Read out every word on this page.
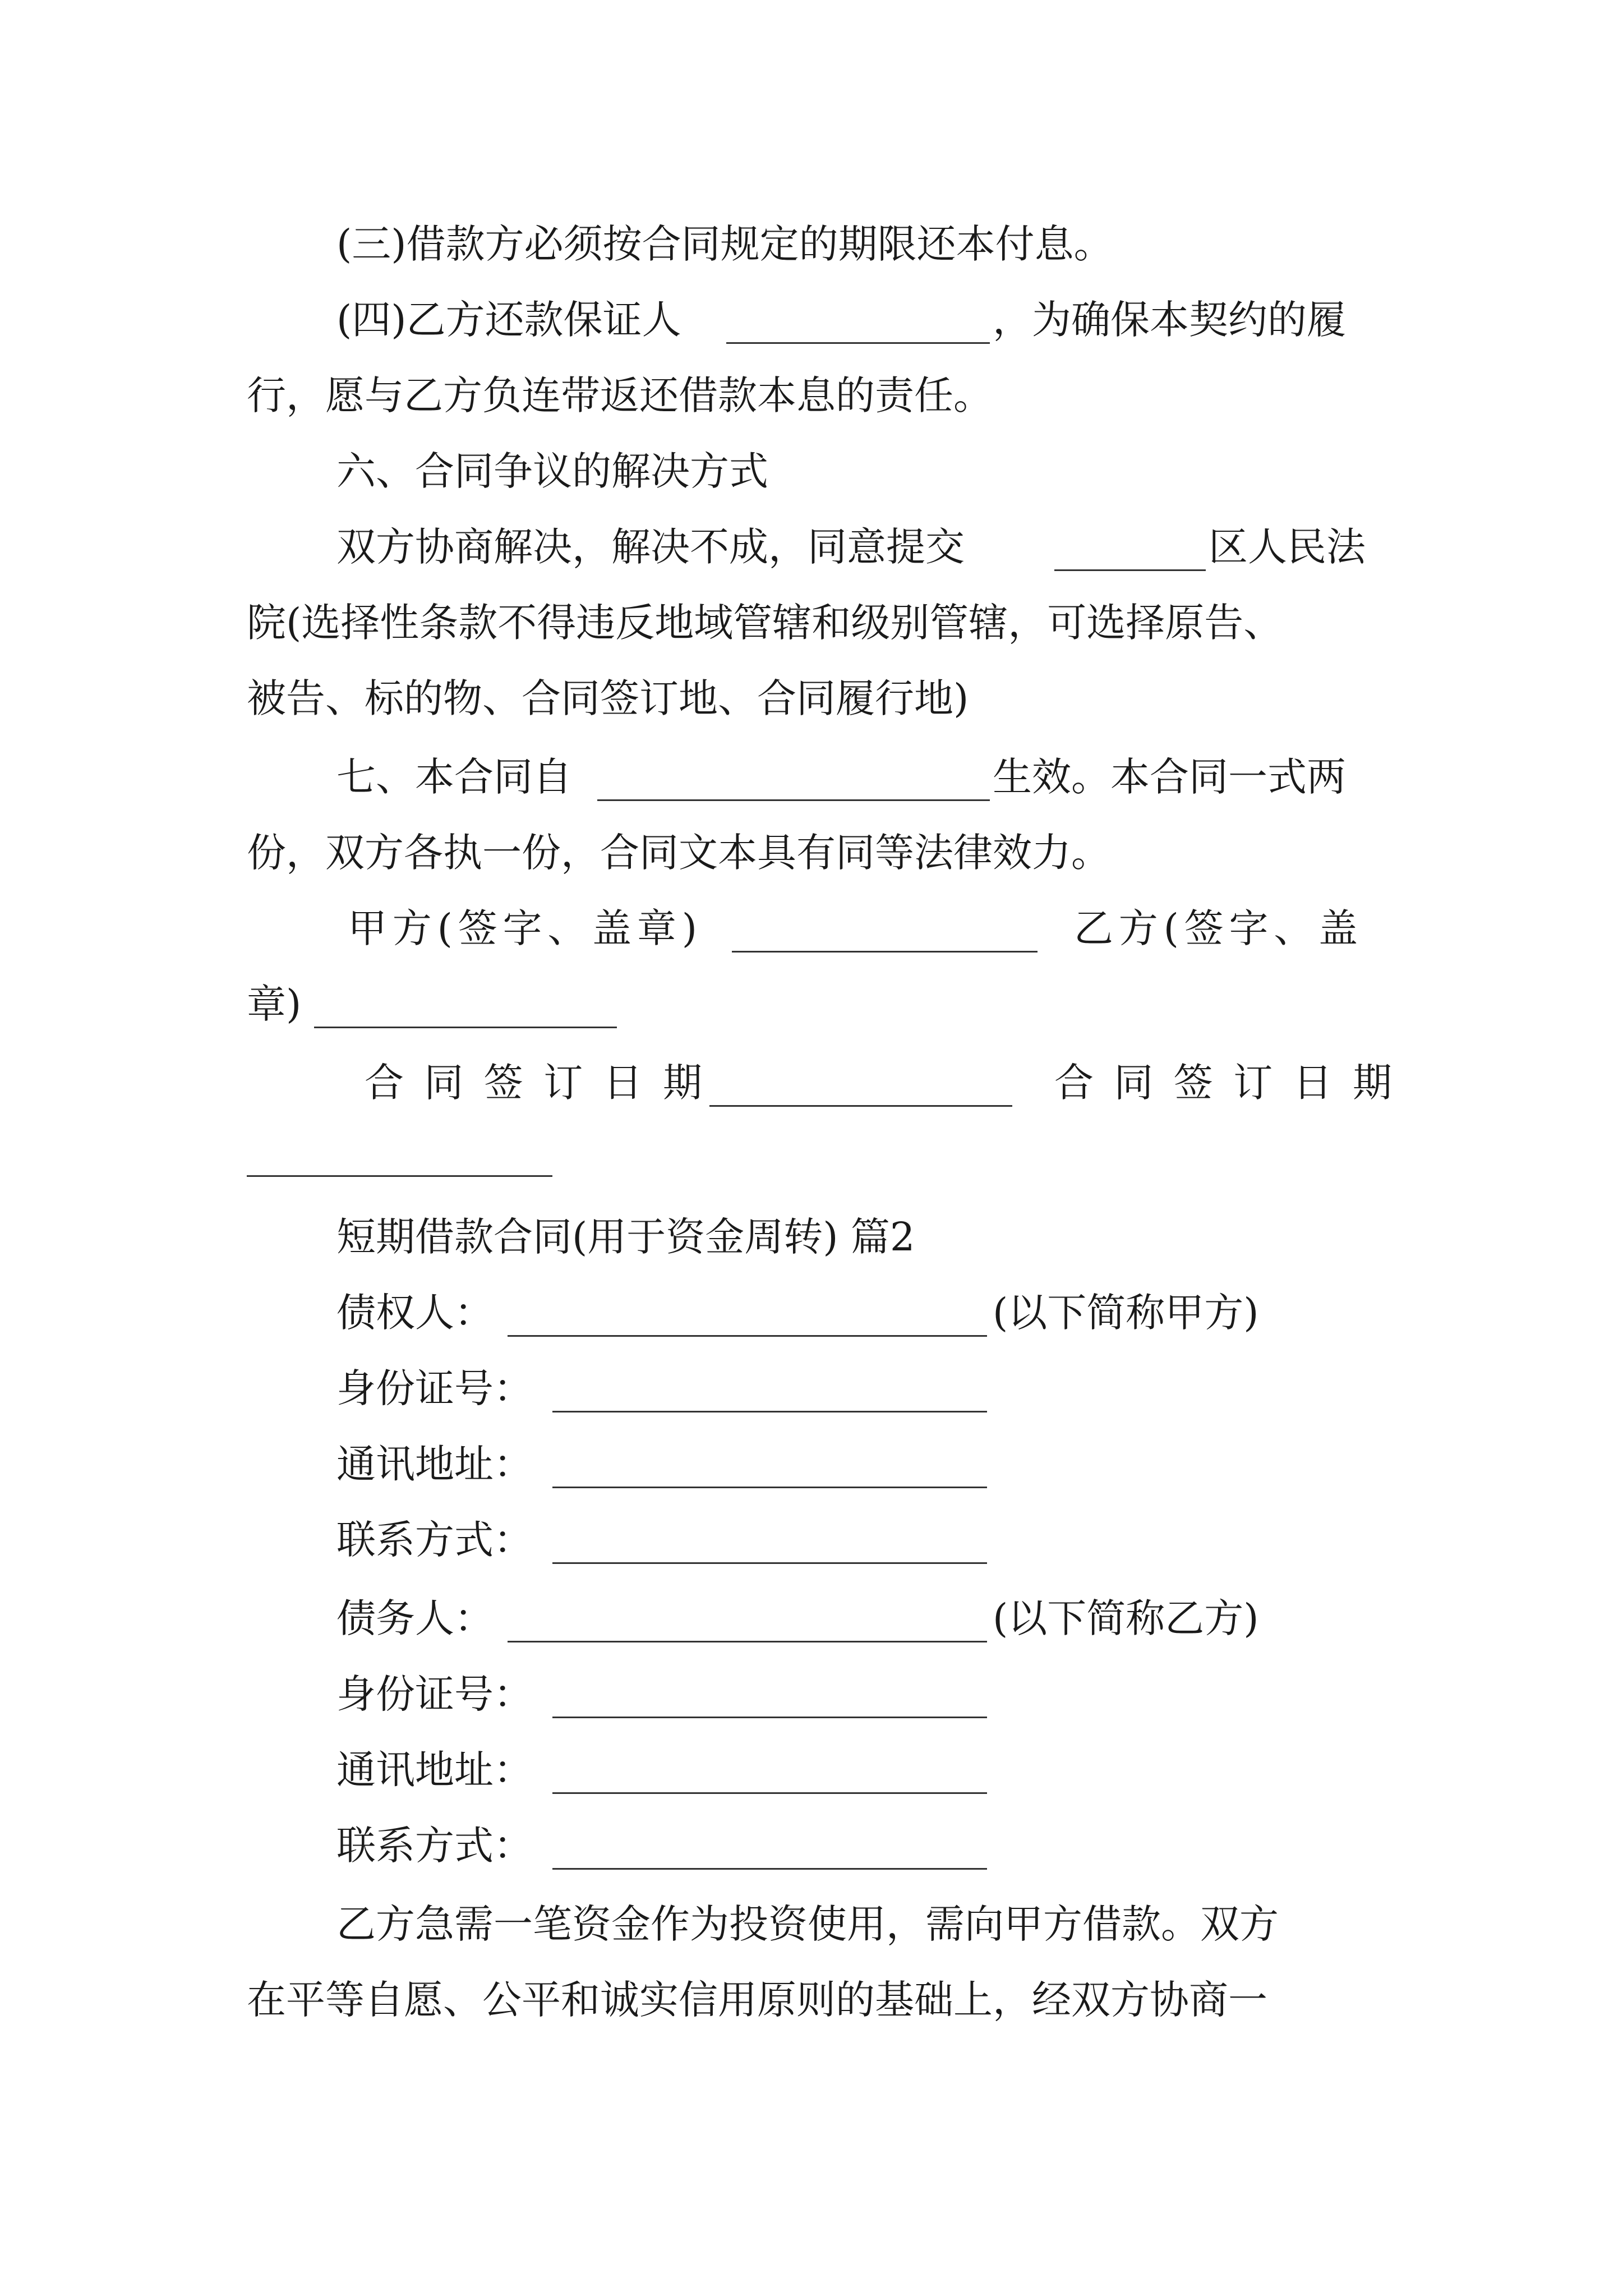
(三)借款方必须按合同规定的期限还本付息。
(四)乙方还款保证人	，为确保本契约的履
行，愿与乙方负连带返还借款本息的责任。
六、合同争议的解决方式
双方协商解决，解决不成，同意提交	区人民法
院(选择性条款不得违反地域管辖和级别管辖，可选择原告、
被告、标的物、合同签订地、合同履行地)
七、本合同自	生效。本合同一式两
份，双方各执一份，合同文本具有同等法律效力。
甲方(签字、盖章)	乙方(签字、盖
章)
合同签订日期	合同签订日期
短期借款合同(用于资金周转) 篇2
债权人：	(以下简称甲方)
身份证号：
通讯地址：
联系方式：
债务人：	(以下简称乙方)
身份证号：
通讯地址：
联系方式：
乙方急需一笔资金作为投资使用，需向甲方借款。双方
在平等自愿、公平和诚实信用原则的基础上，经双方协商一
